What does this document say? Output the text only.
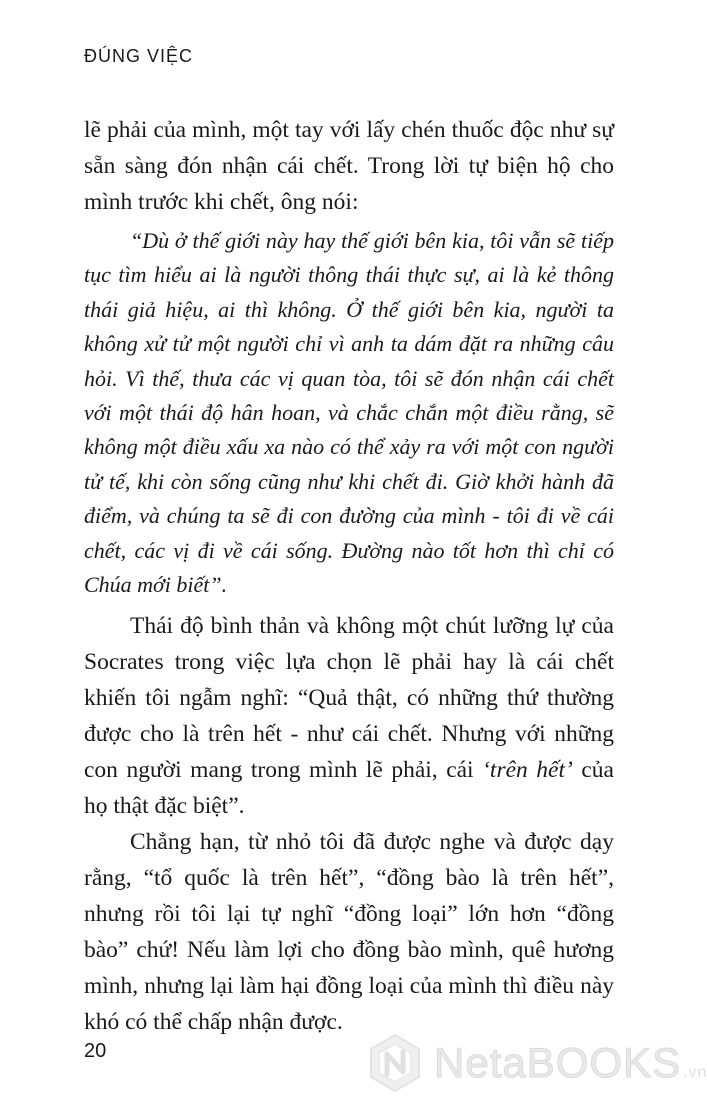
ĐÚNG VIỆC

lẽ phải của mình, một tay với lấy chén thuốc độc như sự sẵn sàng đón nhận cái chết. Trong lời tự biện hộ cho mình trước khi chết, ông nói:

“Dù ở thế giới này hay thế giới bên kia, tôi vẫn sẽ tiếp tục tìm hiểu ai là người thông thái thực sự, ai là kẻ thông thái giả hiệu, ai thì không. Ở thế giới bên kia, người ta không xử tử một người chỉ vì anh ta dám đặt ra những câu hỏi. Vì thế, thưa các vị quan tòa, tôi sẽ đón nhận cái chết với một thái độ hân hoan, và chắc chắn một điều rằng, sẽ không một điều xấu xa nào có thể xảy ra với một con người tử tế, khi còn sống cũng như khi chết đi. Giờ khởi hành đã điểm, và chúng ta sẽ đi con đường của mình - tôi đi về cái chết, các vị đi về cái sống. Đường nào tốt hơn thì chỉ có Chúa mới biết”.

Thái độ bình thản và không một chút lưỡng lự của Socrates trong việc lựa chọn lẽ phải hay là cái chết khiến tôi ngẫm nghĩ: “Quả thật, có những thứ thường được cho là trên hết - như cái chết. Nhưng với những con người mang trong mình lẽ phải, cái ‘trên hết’ của họ thật đặc biệt”.

Chẳng hạn, từ nhỏ tôi đã được nghe và được dạy rằng, “tổ quốc là trên hết”, “đồng bào là trên hết”, nhưng rồi tôi lại tự nghĩ “đồng loại” lớn hơn “đồng bào” chứ! Nếu làm lợi cho đồng bào mình, quê hương mình, nhưng lại làm hại đồng loại của mình thì điều này khó có thể chấp nhận được.

20	NetaBOOKS .vn
